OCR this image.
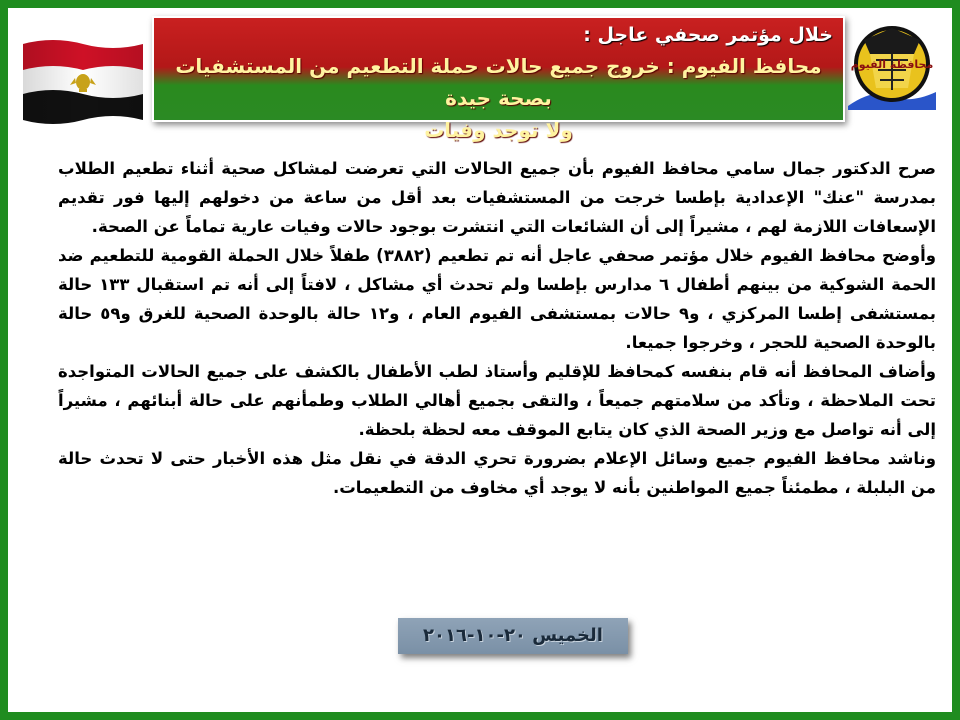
خلال مؤتمر صحفي عاجل :
محافظ الفيوم : خروج جميع حالات حملة التطعيم من المستشفيات بصحة جيدة
ولا توجد وفيات
محافظة الفيوم

صرح الدكتور جمال سامي محافظ الفيوم بأن جميع الحالات التي تعرضت لمشاكل صحية أثناء تطعيم الطلاب بمدرسة "عنك" الإعدادية بإطسا خرجت من المستشفيات بعد أقل من ساعة من دخولهم إليها فور تقديم الإسعافات اللازمة لهم ، مشيراً إلى أن الشائعات التي انتشرت بوجود حالات وفيات عارية تماماً عن الصحة.

وأوضح محافظ الفيوم خلال مؤتمر صحفي عاجل أنه تم تطعيم (٣٨٨٢) طفلاً خلال الحملة القومية للتطعيم ضد الحمة الشوكية من بينهم أطفال ٦ مدارس بإطسا ولم تحدث أي مشاكل ، لافتاً إلى أنه تم استقبال ١٣٣ حالة بمستشفى إطسا المركزي ، و٩ حالات بمستشفى الفيوم العام ، و١٢ حالة بالوحدة الصحية للغرق و٥٩ حالة بالوحدة الصحية للحجر ، وخرجوا جميعا.

وأضاف المحافظ أنه قام بنفسه كمحافظ للإقليم وأستاذ لطب الأطفال بالكشف على جميع الحالات المتواجدة تحت الملاحظة ، وتأكد من سلامتهم جميعاً ، والتقى بجميع أهالي الطلاب وطمأنهم على حالة أبنائهم ، مشيراً إلى أنه تواصل مع وزير الصحة الذي كان يتابع الموقف معه لحظة بلحظة.

وناشد محافظ الفيوم جميع وسائل الإعلام بضرورة تحري الدقة في نقل مثل هذه الأخبار حتى لا تحدث حالة من البلبلة ، مطمئناً جميع المواطنين بأنه لا يوجد أي مخاوف من التطعيمات.

الخميس ٢٠-١٠-٢٠١٦
